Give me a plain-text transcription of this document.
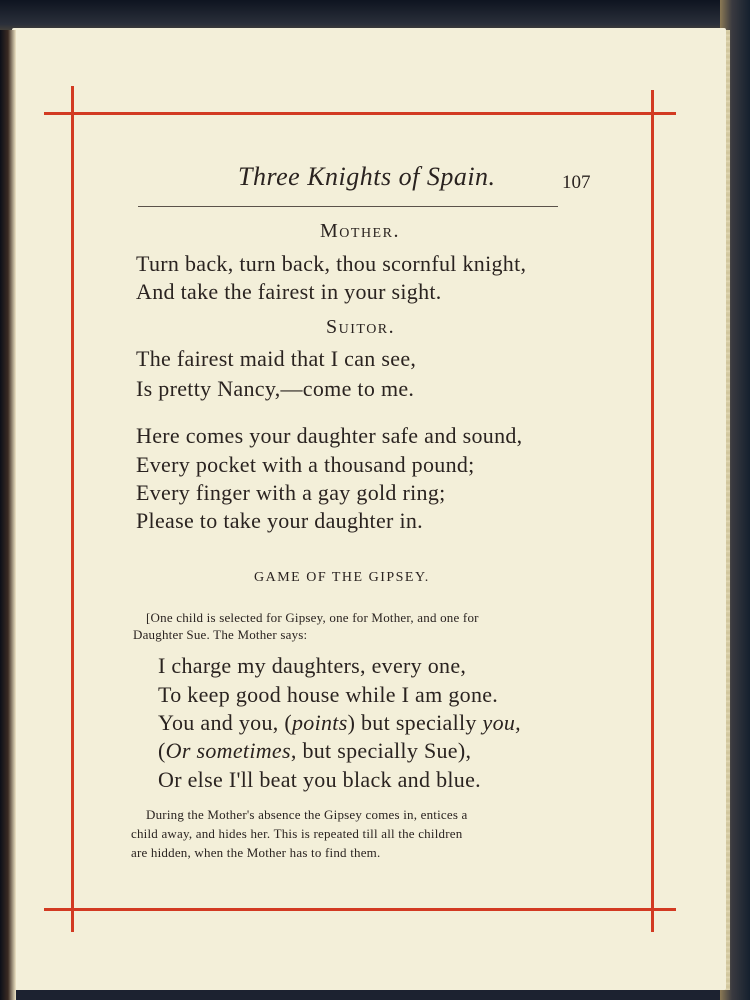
Three Knights of Spain.	107
Mother.
Turn back, turn back, thou scornful knight,
And take the fairest in your sight.
Suitor.
The fairest maid that I can see,
Is pretty Nancy,—come to me.
Here comes your daughter safe and sound,
Every pocket with a thousand pound;
Every finger with a gay gold ring;
Please to take your daughter in.
GAME OF THE GIPSEY.
[One child is selected for Gipsey, one for Mother, and one for
Daughter Sue. The Mother says:
I charge my daughters, every one,
To keep good house while I am gone.
You and you, (points) but specially you,
(Or sometimes, but specially Sue),
Or else I'll beat you black and blue.
During the Mother's absence the Gipsey comes in, entices a
child away, and hides her. This is repeated till all the children
are hidden, when the Mother has to find them.
